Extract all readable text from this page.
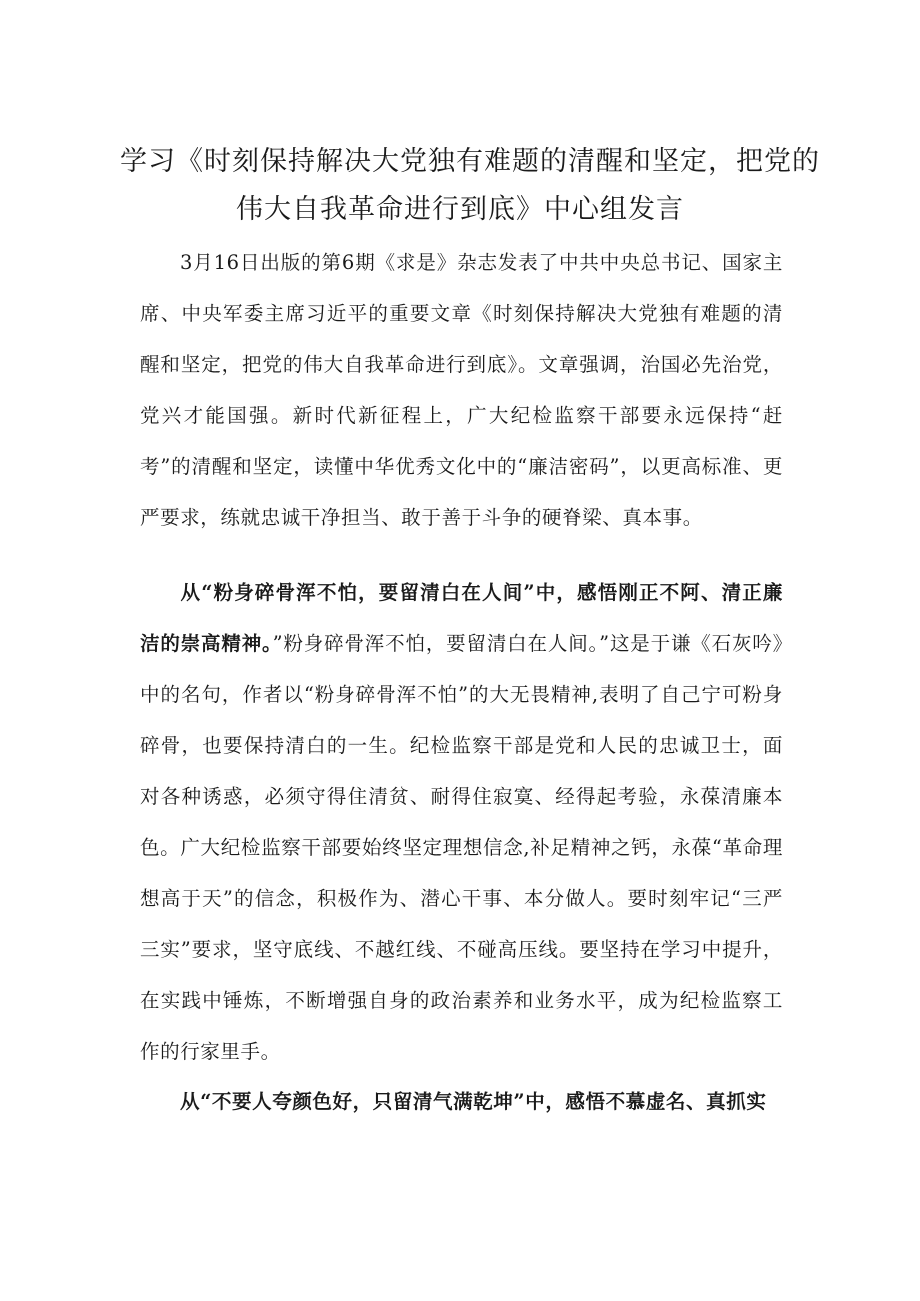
学习《时刻保持解决大党独有难题的清醒和坚定，把党的
伟大自我革命进行到底》中心组发言

3月16日出版的第6期《求是》杂志发表了中共中央总书记、国家主席、中央军委主席习近平的重要文章《时刻保持解决大党独有难题的清醒和坚定，把党的伟大自我革命进行到底》。文章强调，治国必先治党，党兴才能国强。新时代新征程上，广大纪检监察干部要永远保持“赶考”的清醒和坚定，读懂中华优秀文化中的“廉洁密码”，以更高标准、更严要求，练就忠诚干净担当、敢于善于斗争的硬脊梁、真本事。

从“粉身碎骨浑不怕，要留清白在人间”中，感悟刚正不阿、清正廉洁的崇高精神。”粉身碎骨浑不怕，要留清白在人间。”这是于谦《石灰吟》中的名句，作者以“粉身碎骨浑不怕”的大无畏精神,表明了自己宁可粉身碎骨，也要保持清白的一生。纪检监察干部是党和人民的忠诚卫士，面对各种诱惑，必须守得住清贫、耐得住寂寞、经得起考验，永葆清廉本色。广大纪检监察干部要始终坚定理想信念,补足精神之钙，永葆“革命理想高于天”的信念，积极作为、潜心干事、本分做人。要时刻牢记“三严三实”要求，坚守底线、不越红线、不碰高压线。要坚持在学习中提升，在实践中锤炼，不断增强自身的政治素养和业务水平，成为纪检监察工作的行家里手。

从“不要人夸颜色好，只留清气满乾坤”中，感悟不慕虚名、真抓实
